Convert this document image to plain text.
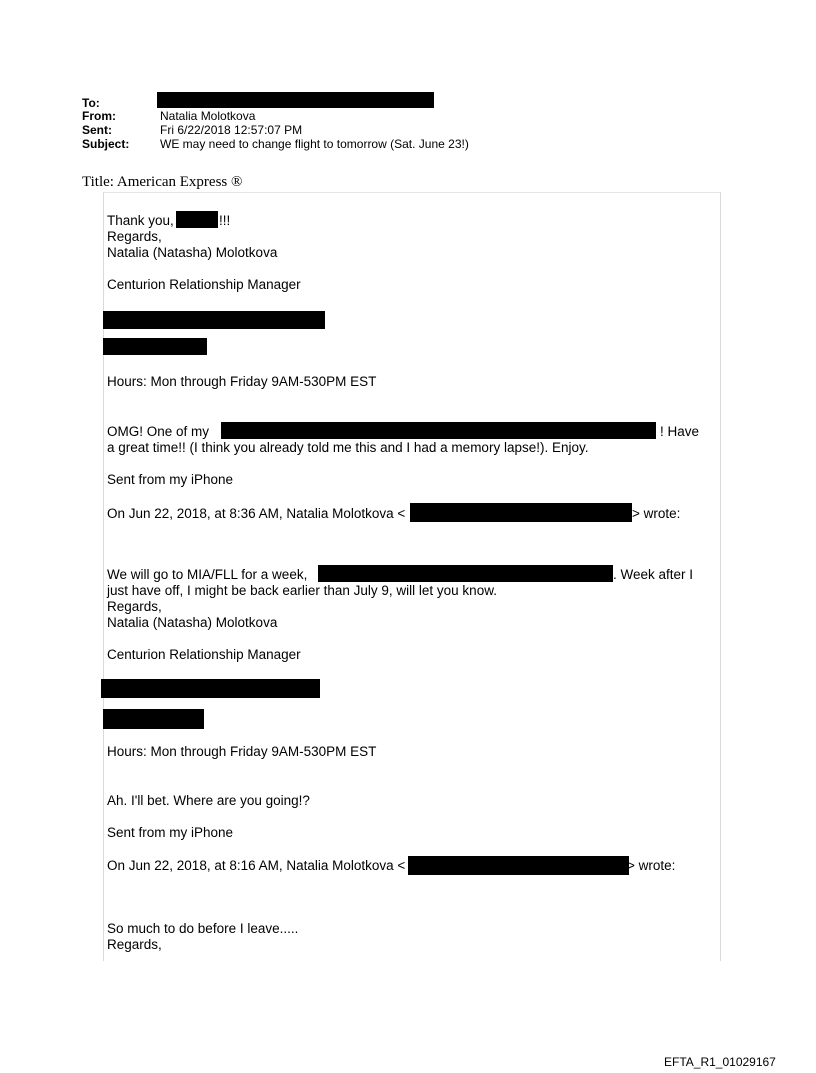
To:
From:	Natalia Molotkova
Sent:	Fri 6/22/2018 12:57:07 PM
Subject:	WE may need to change flight to tomorrow (Sat. June 23!)
Title: American Express ®
Thank you,	!!!
Regards,
Natalia (Natasha) Molotkova
Centurion Relationship Manager
Hours: Mon through Friday 9AM-530PM EST
OMG! One of my	! Have
a great time!! (I think you already told me this and I had a memory lapse!). Enjoy.
Sent from my iPhone
On Jun 22, 2018, at 8:36 AM, Natalia Molotkova <	> wrote:
We will go to MIA/FLL for a week,	. Week after I
just have off, I might be back earlier than July 9, will let you know.
Regards,
Natalia (Natasha) Molotkova
Centurion Relationship Manager
Hours: Mon through Friday 9AM-530PM EST
Ah. I'll bet. Where are you going!?
Sent from my iPhone
On Jun 22, 2018, at 8:16 AM, Natalia Molotkova <	> wrote:
So much to do before I leave.....
Regards,
EFTA_R1_01029167
